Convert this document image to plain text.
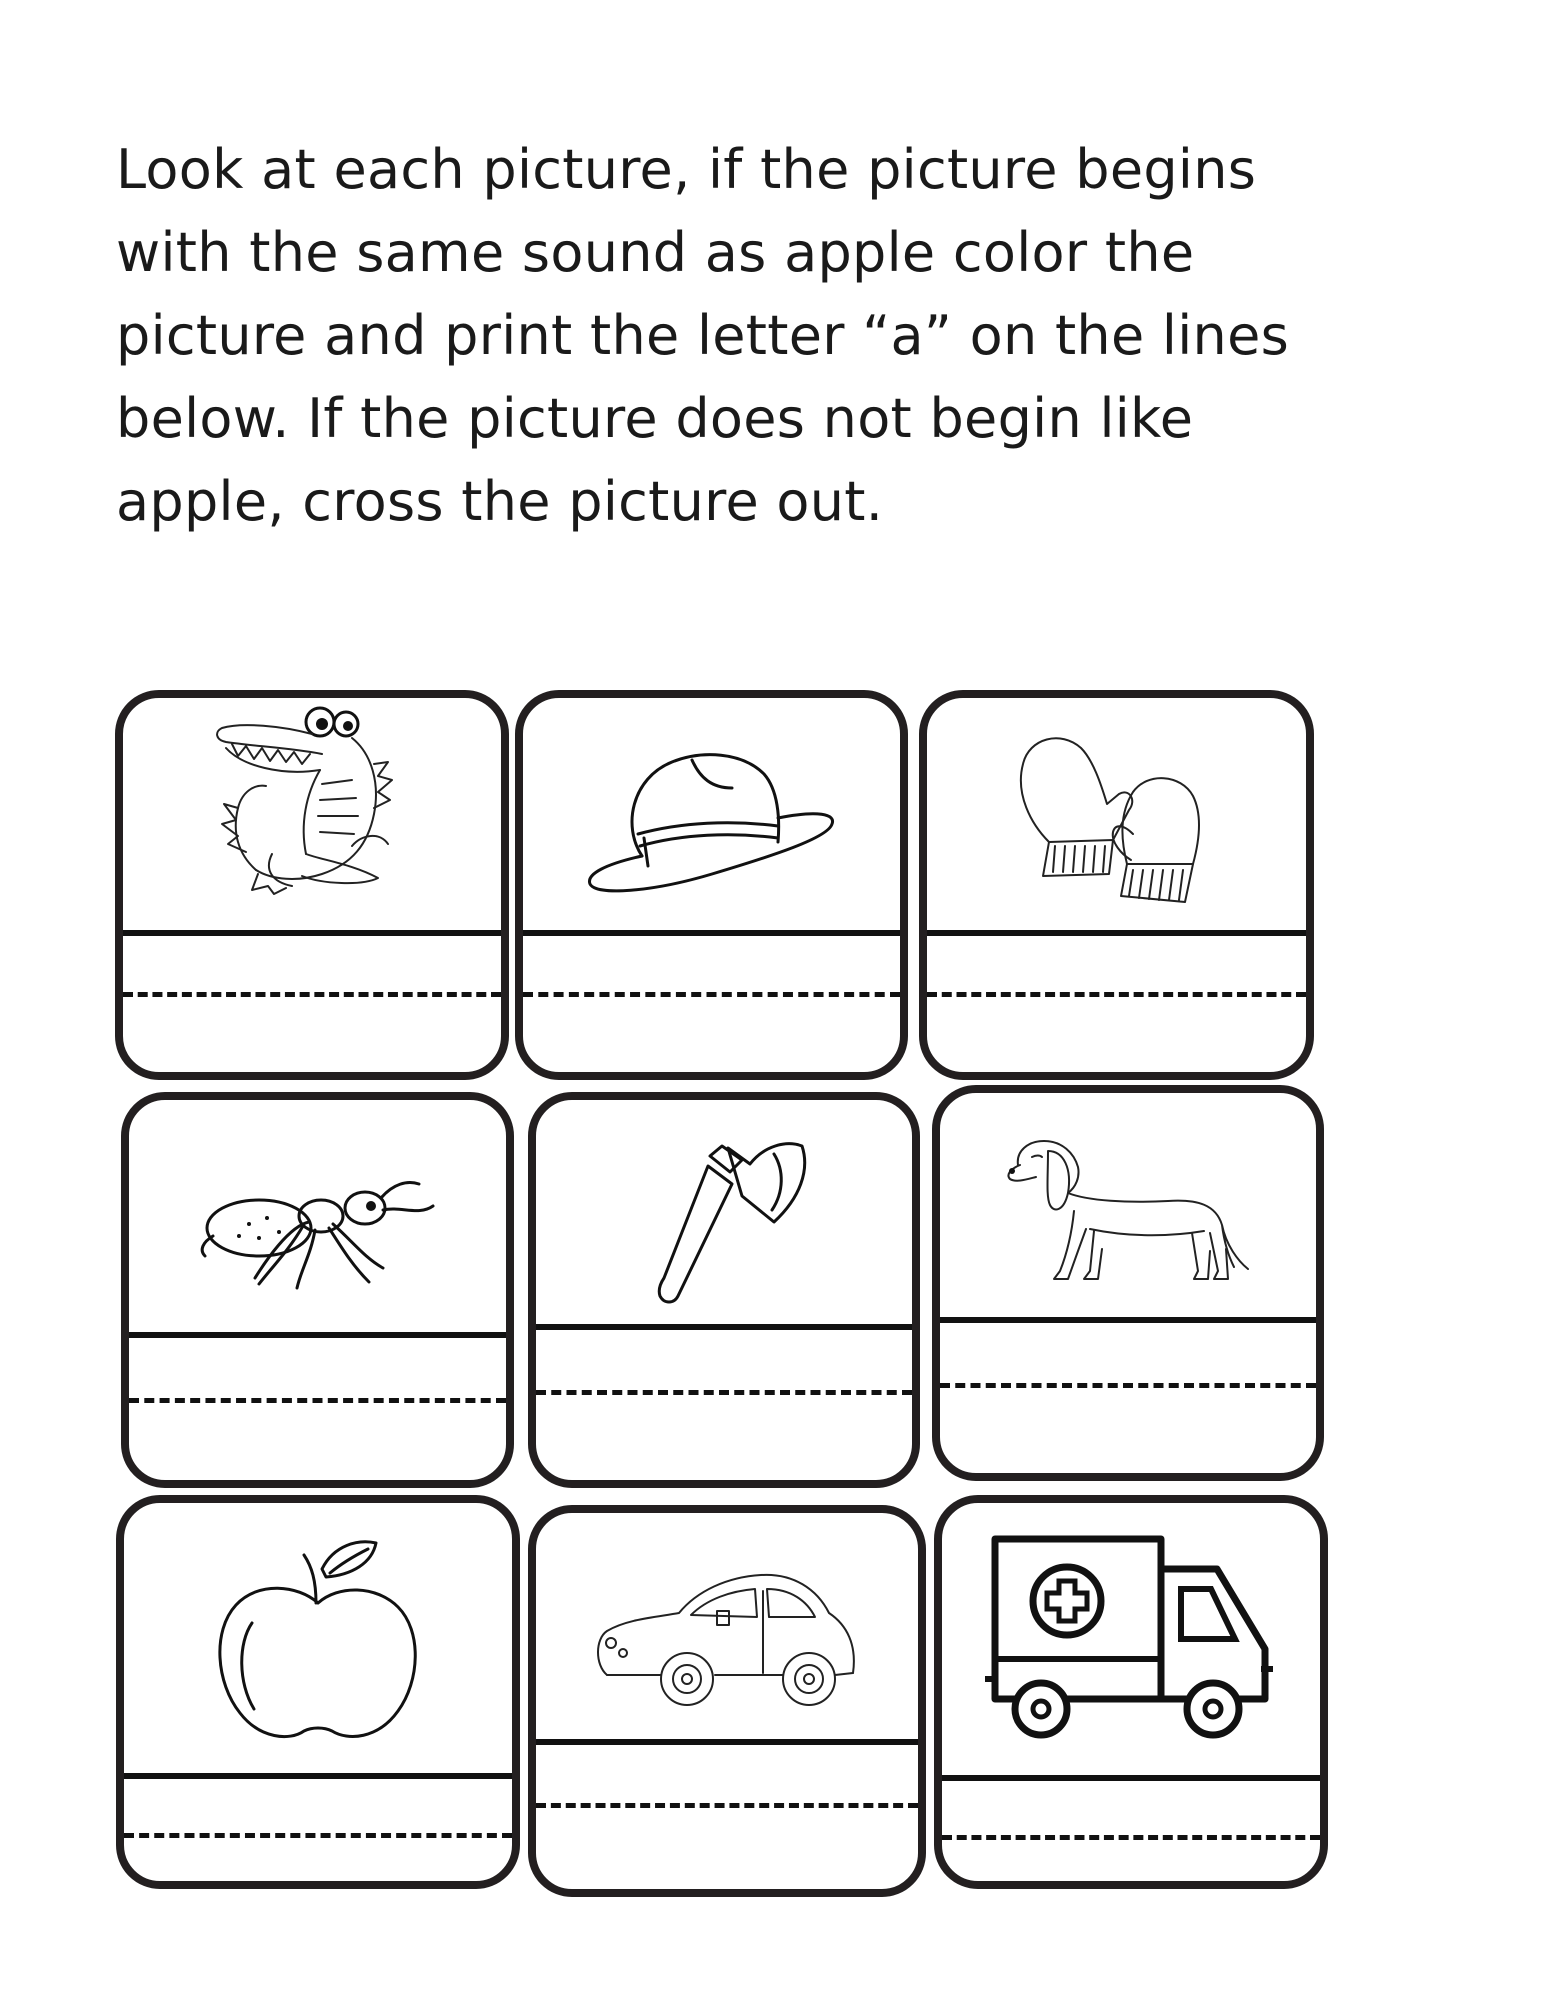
Look at each picture, if the picture begins with the same sound as apple color the picture and print the letter “a” on the lines below. If the picture does not begin like apple, cross the picture out.
